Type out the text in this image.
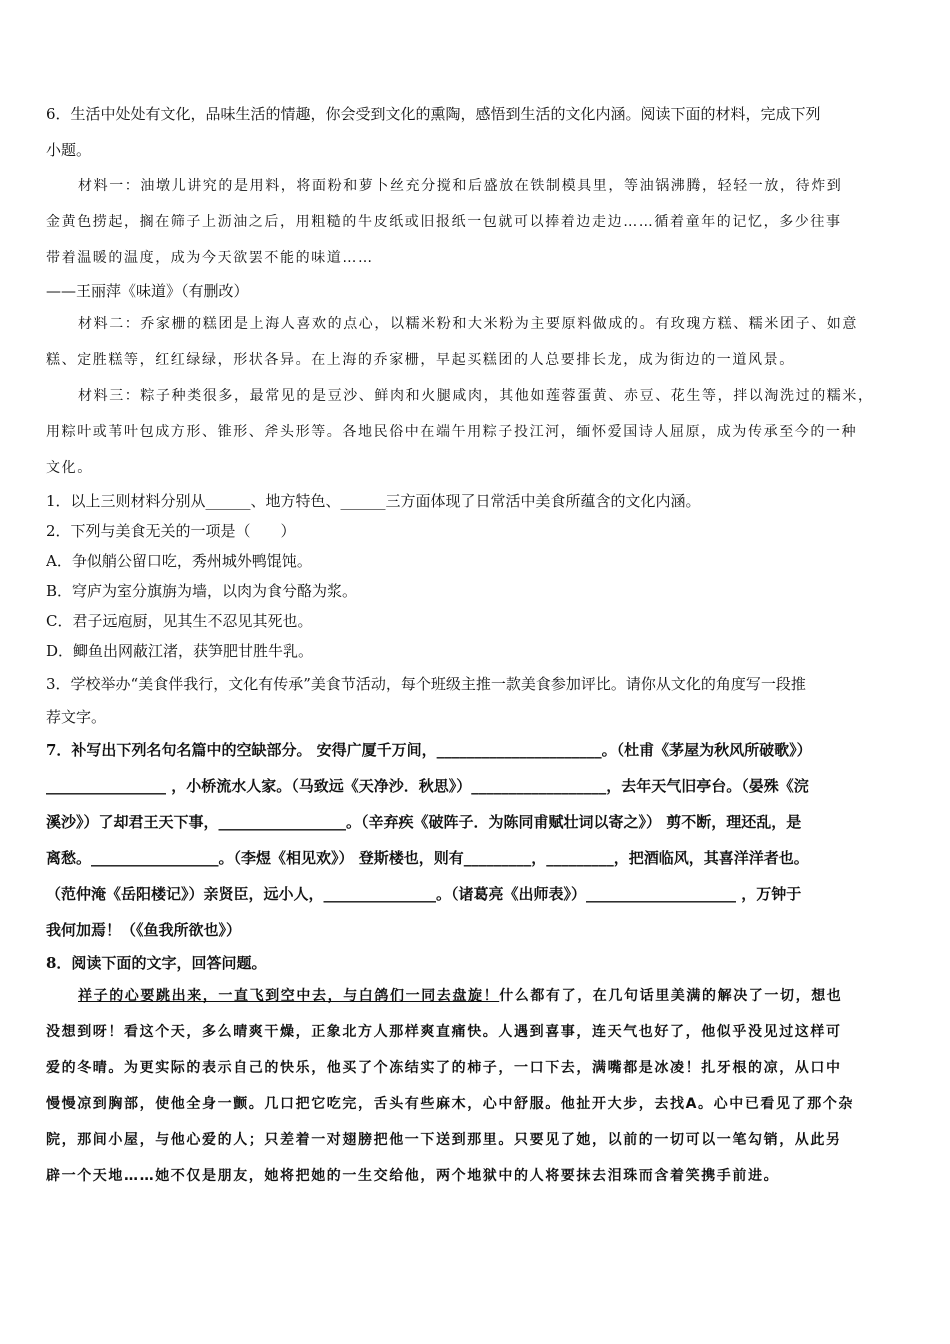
6．生活中处处有文化，品味生活的情趣，你会受到文化的熏陶，感悟到生活的文化内涵。阅读下面的材料，完成下列
小题。
材料一：油墩儿讲究的是用料，将面粉和萝卜丝充分搅和后盛放在铁制模具里，等油锅沸腾，轻轻一放，待炸到
金黄色捞起，搁在筛子上沥油之后，用粗糙的牛皮纸或旧报纸一包就可以捧着边走边……循着童年的记忆，多少往事
带着温暖的温度，成为今天欲罢不能的味道……
——王丽萍《味道》（有删改）
材料二：乔家栅的糕团是上海人喜欢的点心，以糯米粉和大米粉为主要原料做成的。有玫瑰方糕、糯米团子、如意
糕、定胜糕等，红红绿绿，形状各异。在上海的乔家栅，早起买糕团的人总要排长龙，成为街边的一道风景。
材料三：粽子种类很多，最常见的是豆沙、鲜肉和火腿咸肉，其他如莲蓉蛋黄、赤豆、花生等，拌以淘洗过的糯米，
用粽叶或苇叶包成方形、锥形、斧头形等。各地民俗中在端午用粽子投江河，缅怀爱国诗人屈原，成为传承至今的一种
文化。
1．以上三则材料分别从______、地方特色、______三方面体现了日常活中美食所蕴含的文化内涵。
2．下列与美食无关的一项是（　　）
A．争似艄公留口吃，秀州城外鸭馄饨。
B．穹庐为室分旗旃为墙，以肉为食兮酪为浆。
C．君子远庖厨，见其生不忍见其死也。
D．鲫鱼出网蔽江渚，获笋肥甘胜牛乳。
3．学校举办“美食伴我行，文化有传承”美食节活动，每个班级主推一款美食参加评比。请你从文化的角度写一段推
荐文字。
7．补写出下列名句名篇中的空缺部分。 安得广厦千万间，______________________。（杜甫《茅屋为秋风所破歌》）
________________ ，小桥流水人家。（马致远《天净沙．秋思》）__________________，去年天气旧亭台。（晏殊《浣
溪沙》）了却君王天下事，_________________。（辛弃疾《破阵子．为陈同甫赋壮词以寄之》） 剪不断，理还乱，是
离愁。_________________。（李煜《相见欢》） 登斯楼也，则有_________，_________，把酒临风，其喜洋洋者也。
（范仲淹《岳阳楼记》）亲贤臣，远小人，_______________。（诸葛亮《出师表》）____________________ ，万钟于
我何加焉！（《鱼我所欲也》）
8．阅读下面的文字，回答问题。
祥子的心要跳出来，一直飞到空中去，与白鸽们一同去盘旋！什么都有了，在几句话里美满的解决了一切，想也
没想到呀！看这个天，多么晴爽干燥，正象北方人那样爽直痛快。人遇到喜事，连天气也好了，他似乎没见过这样可
爱的冬晴。为更实际的表示自己的快乐，他买了个冻结实了的柿子，一口下去，满嘴都是冰凌！扎牙根的凉，从口中
慢慢凉到胸部，使他全身一颤。几口把它吃完，舌头有些麻木，心中舒服。他扯开大步，去找A。心中已看见了那个杂
院，那间小屋，与他心爱的人；只差着一对翅膀把他一下送到那里。只要见了她，以前的一切可以一笔勾销，从此另
辟一个天地……她不仅是朋友，她将把她的一生交给他，两个地狱中的人将要抹去泪珠而含着笑携手前进。
